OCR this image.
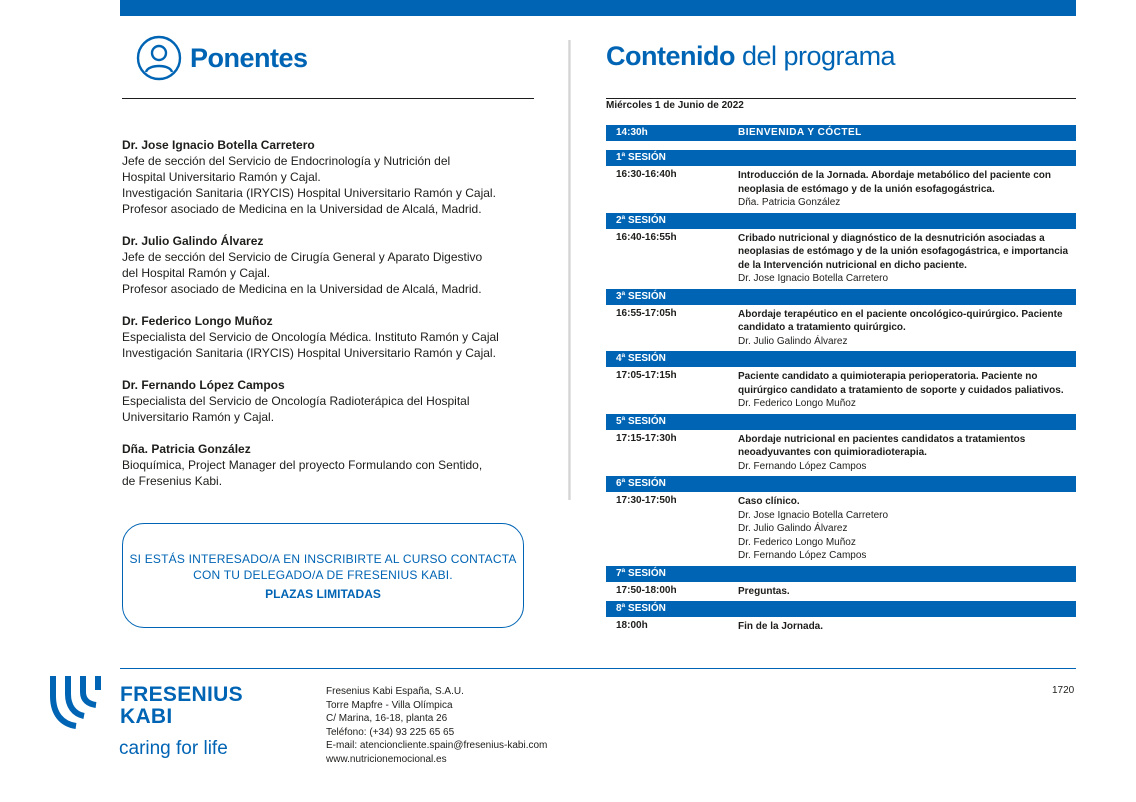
Ponentes
Dr. Jose Ignacio Botella Carretero
Jefe de sección del Servicio de Endocrinología y Nutrición del
Hospital Universitario Ramón y Cajal.
Investigación Sanitaria (IRYCIS) Hospital Universitario Ramón y Cajal.
Profesor asociado de Medicina en la Universidad de Alcalá, Madrid.
Dr. Julio Galindo Álvarez
Jefe de sección del Servicio de Cirugía General y Aparato Digestivo
del Hospital Ramón y Cajal.
Profesor asociado de Medicina en la Universidad de Alcalá, Madrid.
Dr. Federico Longo Muñoz
Especialista del Servicio de Oncología Médica. Instituto Ramón y Cajal
Investigación Sanitaria (IRYCIS) Hospital Universitario Ramón y Cajal.
Dr. Fernando López Campos
Especialista del Servicio de Oncología Radioterápica del Hospital
Universitario Ramón y Cajal.
Dña. Patricia González
Bioquímica, Project Manager del proyecto Formulando con Sentido,
de Fresenius Kabi.
SI ESTÁS INTERESADO/A EN INSCRIBIRTE AL CURSO CONTACTA
CON TU DELEGADO/A DE FRESENIUS KABI.
PLAZAS LIMITADAS
Contenido del programa
Miércoles 1 de Junio de 2022
14:30h	BIENVENIDA Y CÓCTEL
1ª SESIÓN
16:30-16:40h	Introducción de la Jornada. Abordaje metabólico del paciente con
neoplasia de estómago y de la unión esofagogástrica.
Dña. Patricia González
2ª SESIÓN
16:40-16:55h	Cribado nutricional y diagnóstico de la desnutrición asociadas a
neoplasias de estómago y de la unión esofagogástrica, e importancia
de la Intervención nutricional en dicho paciente.
Dr. Jose Ignacio Botella Carretero
3ª SESIÓN
16:55-17:05h	Abordaje terapéutico en el paciente oncológico-quirúrgico. Paciente
candidato a tratamiento quirúrgico.
Dr. Julio Galindo Álvarez
4ª SESIÓN
17:05-17:15h	Paciente candidato a quimioterapia perioperatoria. Paciente no
quirúrgico candidato a tratamiento de soporte y cuidados paliativos.
Dr. Federico Longo Muñoz
5ª SESIÓN
17:15-17:30h	Abordaje nutricional en pacientes candidatos a tratamientos
neoadyuvantes con quimioradioterapia.
Dr. Fernando López Campos
6ª SESIÓN
17:30-17:50h	Caso clínico.
Dr. Jose Ignacio Botella Carretero
Dr. Julio Galindo Álvarez
Dr. Federico Longo Muñoz
Dr. Fernando López Campos
7ª SESIÓN
17:50-18:00h	Preguntas.
8ª SESIÓN
18:00h	Fin de la Jornada.
FRESENIUS
KABI
caring for life
Fresenius Kabi España, S.A.U.
Torre Mapfre - Villa Olímpica
C/ Marina, 16-18, planta 26
Teléfono: (+34) 93 225 65 65
E-mail: atencioncliente.spain@fresenius-kabi.com
www.nutricionemocional.es
1720
